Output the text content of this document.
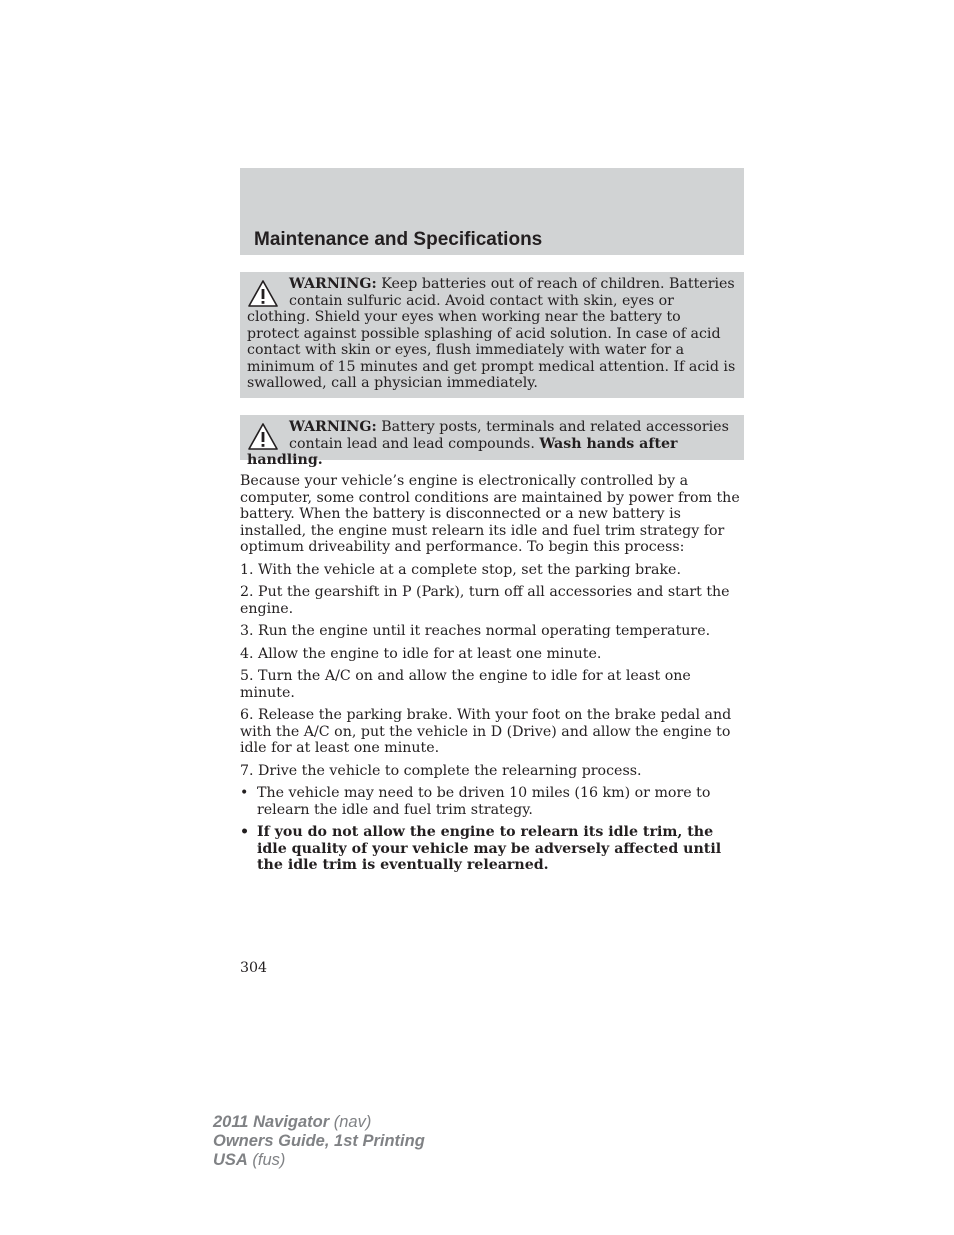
Maintenance and Specifications
WARNING: Keep batteries out of reach of children. Batteries contain sulfuric acid. Avoid contact with skin, eyes or clothing. Shield your eyes when working near the battery to protect against possible splashing of acid solution. In case of acid contact with skin or eyes, flush immediately with water for a minimum of 15 minutes and get prompt medical attention. If acid is swallowed, call a physician immediately.
WARNING: Battery posts, terminals and related accessories contain lead and lead compounds. Wash hands after handling.

Because your vehicle’s engine is electronically controlled by a computer, some control conditions are maintained by power from the battery. When the battery is disconnected or a new battery is installed, the engine must relearn its idle and fuel trim strategy for optimum driveability and performance. To begin this process:

1. With the vehicle at a complete stop, set the parking brake.

2. Put the gearshift in P (Park), turn off all accessories and start the engine.

3. Run the engine until it reaches normal operating temperature.

4. Allow the engine to idle for at least one minute.

5. Turn the A/C on and allow the engine to idle for at least one minute.

6. Release the parking brake. With your foot on the brake pedal and with the A/C on, put the vehicle in D (Drive) and allow the engine to idle for at least one minute.

7. Drive the vehicle to complete the relearning process.

• The vehicle may need to be driven 10 miles (16 km) or more to relearn the idle and fuel trim strategy.
• If you do not allow the engine to relearn its idle trim, the idle quality of your vehicle may be adversely affected until the idle trim is eventually relearned.
304
2011 Navigator (nav)
Owners Guide, 1st Printing
USA (fus)
